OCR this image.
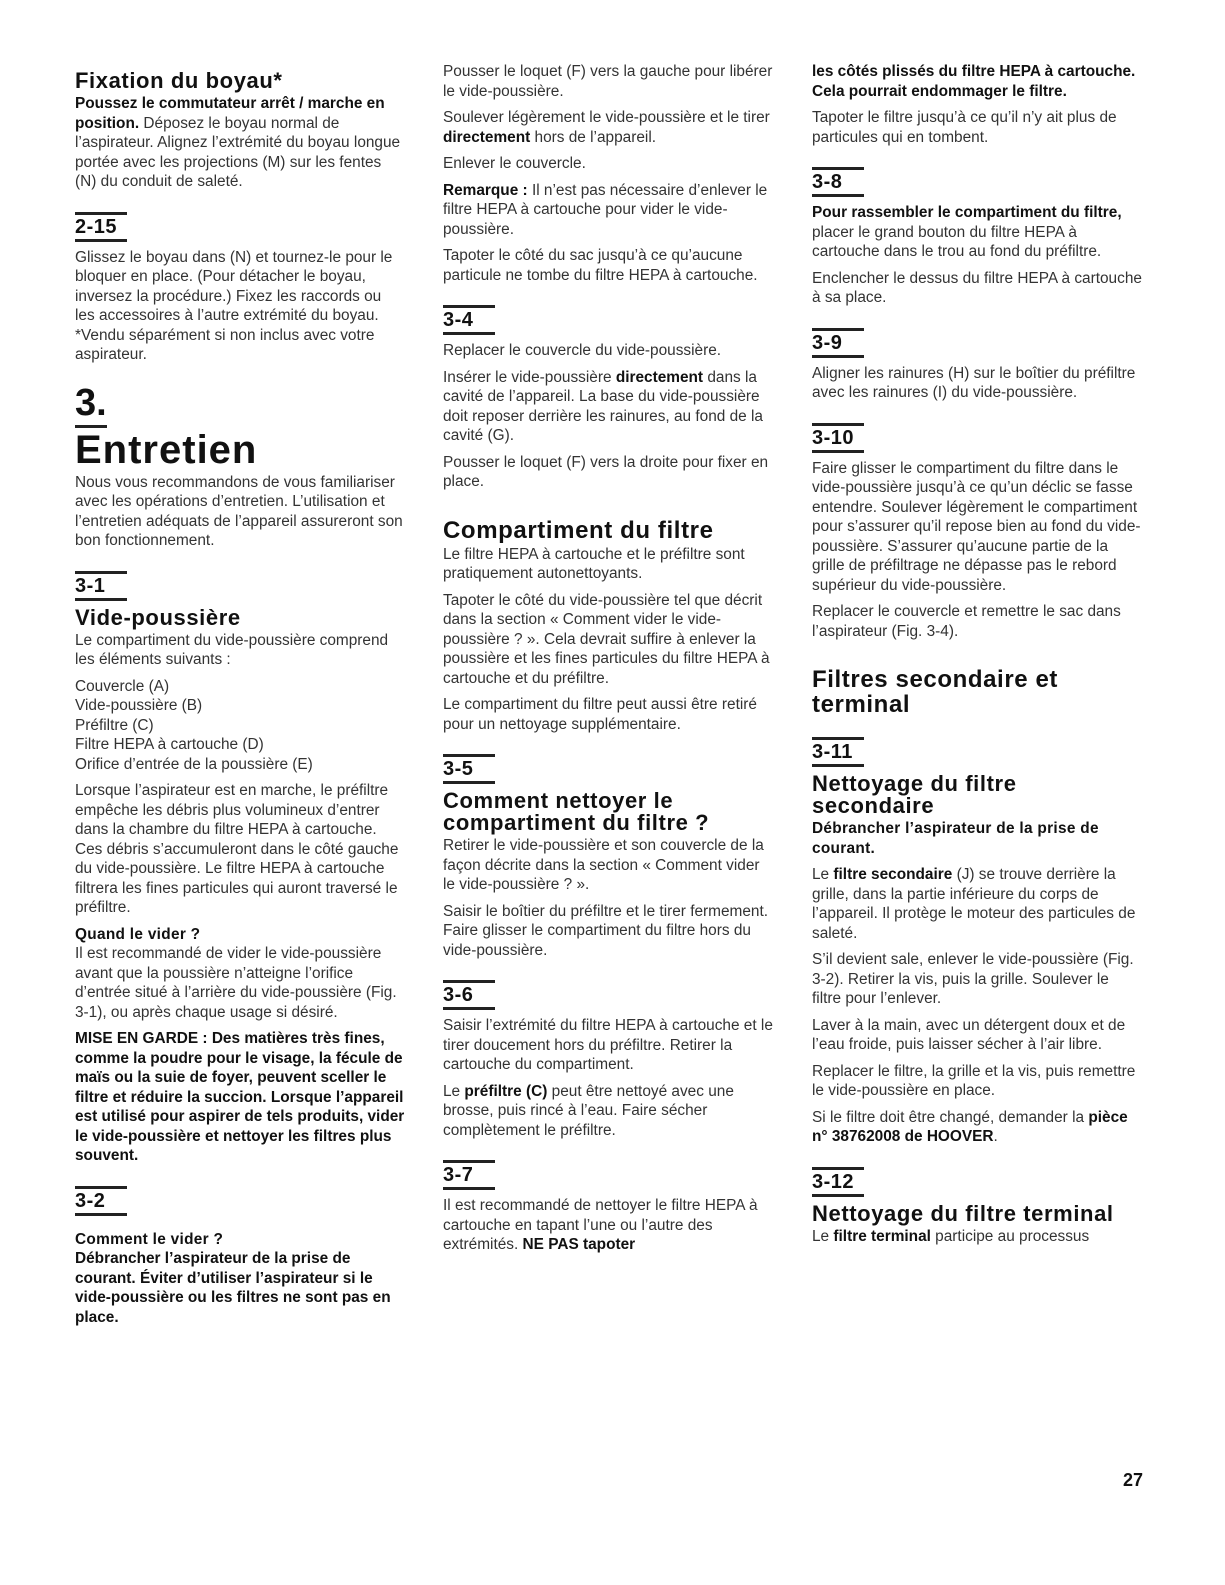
Fixation du boyau*

Poussez le commutateur arrêt / marche en position. Déposez le boyau normal de l’aspirateur. Alignez l’extrémité du boyau longue portée avec les projections (M) sur les fentes (N) du conduit de saleté.

2-15

Glissez le boyau dans (N) et tournez-le pour le bloquer en place. (Pour détacher le boyau, inversez la procédure.) Fixez les raccords ou les accessoires à l’autre extrémité du boyau.

*Vendu séparément si non inclus avec votre aspirateur.

3.
Entretien

Nous vous recommandons de vous familiariser avec les opérations d’entretien. L’utilisation et l’entretien adéquats de l’appareil assureront son bon fonctionnement.

3-1
Vide-poussière

Le compartiment du vide-poussière comprend les éléments suivants :

Couvercle (A)

Vide-poussière (B)

Préfiltre (C)

Filtre HEPA à cartouche (D)

Orifice d’entrée de la poussière (E)

Lorsque l’aspirateur est en marche, le préfiltre empêche les débris plus volumineux d’entrer dans la chambre du filtre HEPA à cartouche. Ces débris s’accumuleront dans le côté gauche du vide-poussière. Le filtre HEPA à cartouche filtrera les fines particules qui auront traversé le préfiltre.

Quand le vider ?

Il est recommandé de vider le vide-poussière avant que la poussière n’atteigne l’orifice d’entrée situé à l’arrière du vide-poussière (Fig. 3-1), ou après chaque usage si désiré.

MISE EN GARDE : Des matières très fines, comme la poudre pour le visage, la fécule de maïs ou la suie de foyer, peuvent sceller le filtre et réduire la succion. Lorsque l’appareil est utilisé pour aspirer de tels produits, vider le vide-poussière et nettoyer les filtres plus souvent.

3-2
Comment le vider ?

Débrancher l’aspirateur de la prise de courant. Éviter d’utiliser l’aspirateur si le vide-poussière ou les filtres ne sont pas en place.

Pousser le loquet (F) vers la gauche pour libérer le vide-poussière.

Soulever légèrement le vide-poussière et le tirer directement hors de l’appareil.

Enlever le couvercle.

Remarque : Il n’est pas nécessaire d’enlever le filtre HEPA à cartouche pour vider le vide-poussière.

Tapoter le côté du sac jusqu’à ce qu’aucune particule ne tombe du filtre HEPA à cartouche.

3-4

Replacer le couvercle du vide-poussière.

Insérer le vide-poussière directement dans la cavité de l’appareil. La base du vide-poussière doit reposer derrière les rainures, au fond de la cavité (G).

Pousser le loquet (F) vers la droite pour fixer en place.

Compartiment du filtre

Le filtre HEPA à cartouche et le préfiltre sont pratiquement autonettoyants.

Tapoter le côté du vide-poussière tel que décrit dans la section « Comment vider le vide-poussière ? ». Cela devrait suffire à enlever la poussière et les fines particules du filtre HEPA à cartouche et du préfiltre.

Le compartiment du filtre peut aussi être retiré pour un nettoyage supplémentaire.

3-5
Comment nettoyer le compartiment du filtre ?

Retirer le vide-poussière et son couvercle de la façon décrite dans la section « Comment vider le vide-poussière ? ».

Saisir le boîtier du préfiltre et le tirer fermement. Faire glisser le compartiment du filtre hors du vide-poussière.

3-6

Saisir l’extrémité du filtre HEPA à cartouche et le tirer doucement hors du préfiltre. Retirer la cartouche du compartiment.

Le préfiltre (C) peut être nettoyé avec une brosse, puis rincé à l’eau. Faire sécher complètement le préfiltre.

3-7

Il est recommandé de nettoyer le filtre HEPA à cartouche en tapant l’une ou l’autre des extrémités. NE PAS tapoter

les côtés plissés du filtre HEPA à cartouche. Cela pourrait endommager le filtre.

Tapoter le filtre jusqu’à ce qu’il n’y ait plus de particules qui en tombent.

3-8

Pour rassembler le compartiment du filtre, placer le grand bouton du filtre HEPA à cartouche dans le trou au fond du préfiltre.

Enclencher le dessus du filtre HEPA à cartouche à sa place.

3-9

Aligner les rainures (H) sur le boîtier du préfiltre avec les rainures (I) du vide-poussière.

3-10

Faire glisser le compartiment du filtre dans le vide-poussière jusqu’à ce qu’un déclic se fasse entendre. Soulever légèrement le compartiment pour s’assurer qu’il repose bien au fond du vide-poussière. S’assurer qu’aucune partie de la grille de préfiltrage ne dépasse pas le rebord supérieur du vide-poussière.

Replacer le couvercle et remettre le sac dans l’aspirateur (Fig. 3-4).

Filtres secondaire et terminal
3-11
Nettoyage du filtre secondaire

Débrancher l’aspirateur de la prise de courant.

Le filtre secondaire (J) se trouve derrière la grille, dans la partie inférieure du corps de l’appareil. Il protège le moteur des particules de saleté.

S’il devient sale, enlever le vide-poussière (Fig. 3-2). Retirer la vis, puis la grille. Soulever le filtre pour l’enlever.

Laver à la main, avec un détergent doux et de l’eau froide, puis laisser sécher à l’air libre.

Replacer le filtre, la grille et la vis, puis remettre le vide-poussière en place.

Si le filtre doit être changé, demander la pièce n° 38762008 de HOOVER.

3-12
Nettoyage du filtre terminal

Le filtre terminal participe au processus

27
